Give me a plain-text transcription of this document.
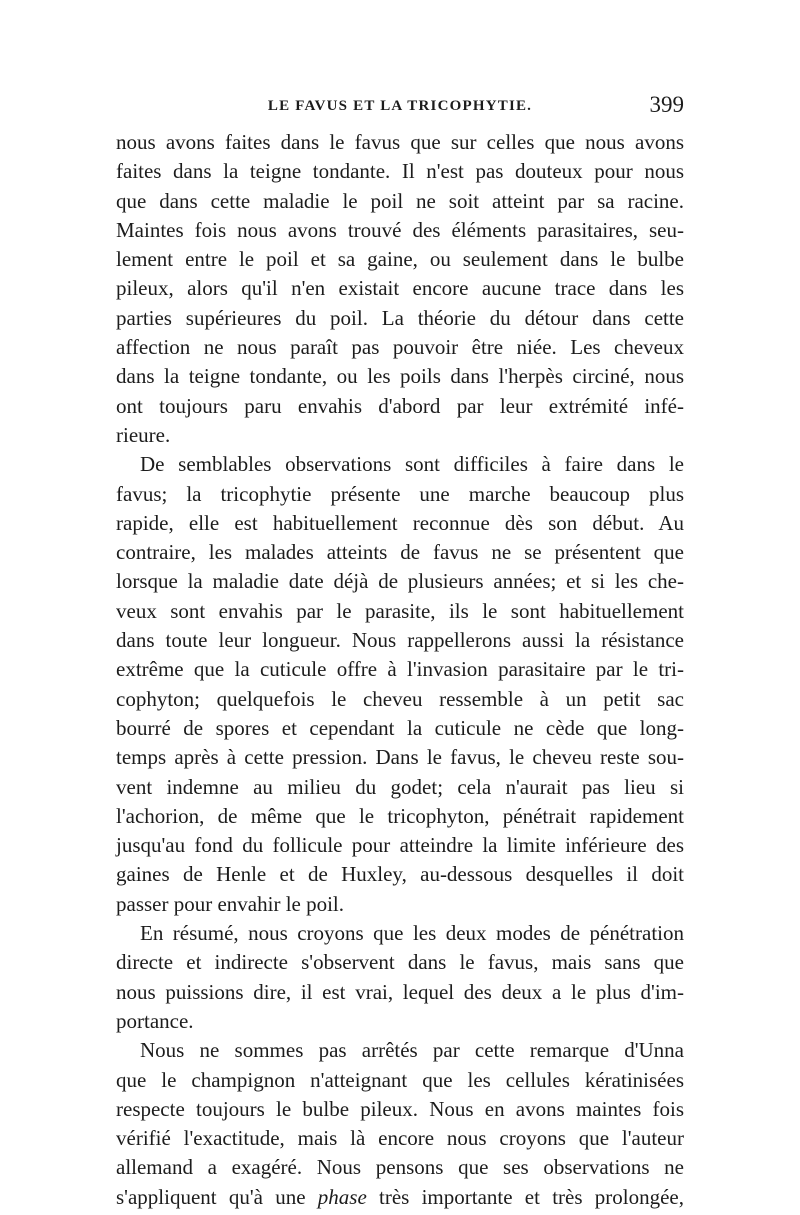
LE FAVUS ET LA TRICOPHYTIE.	399
nous avons faites dans le favus que sur celles que nous avons
faites dans la teigne tondante. Il n'est pas douteux pour nous
que dans cette maladie le poil ne soit atteint par sa racine.
Maintes fois nous avons trouvé des éléments parasitaires, seu-
lement entre le poil et sa gaine, ou seulement dans le bulbe
pileux, alors qu'il n'en existait encore aucune trace dans les
parties supérieures du poil. La théorie du détour dans cette
affection ne nous paraît pas pouvoir être niée. Les cheveux
dans la teigne tondante, ou les poils dans l'herpès circiné, nous
ont toujours paru envahis d'abord par leur extrémité infé-
rieure.
De semblables observations sont difficiles à faire dans le
favus; la tricophytie présente une marche beaucoup plus
rapide, elle est habituellement reconnue dès son début. Au
contraire, les malades atteints de favus ne se présentent que
lorsque la maladie date déjà de plusieurs années; et si les che-
veux sont envahis par le parasite, ils le sont habituellement
dans toute leur longueur. Nous rappellerons aussi la résistance
extrême que la cuticule offre à l'invasion parasitaire par le tri-
cophyton; quelquefois le cheveu ressemble à un petit sac
bourré de spores et cependant la cuticule ne cède que long-
temps après à cette pression. Dans le favus, le cheveu reste sou-
vent indemne au milieu du godet; cela n'aurait pas lieu si
l'achorion, de même que le tricophyton, pénétrait rapidement
jusqu'au fond du follicule pour atteindre la limite inférieure des
gaines de Henle et de Huxley, au-dessous desquelles il doit
passer pour envahir le poil.
En résumé, nous croyons que les deux modes de pénétration
directe et indirecte s'observent dans le favus, mais sans que
nous puissions dire, il est vrai, lequel des deux a le plus d'im-
portance.
Nous ne sommes pas arrêtés par cette remarque d'Unna
que le champignon n'atteignant que les cellules kératinisées
respecte toujours le bulbe pileux. Nous en avons maintes fois
vérifié l'exactitude, mais là encore nous croyons que l'auteur
allemand a exagéré. Nous pensons que ses observations ne
s'appliquent qu'à une phase très importante et très prolongée,
